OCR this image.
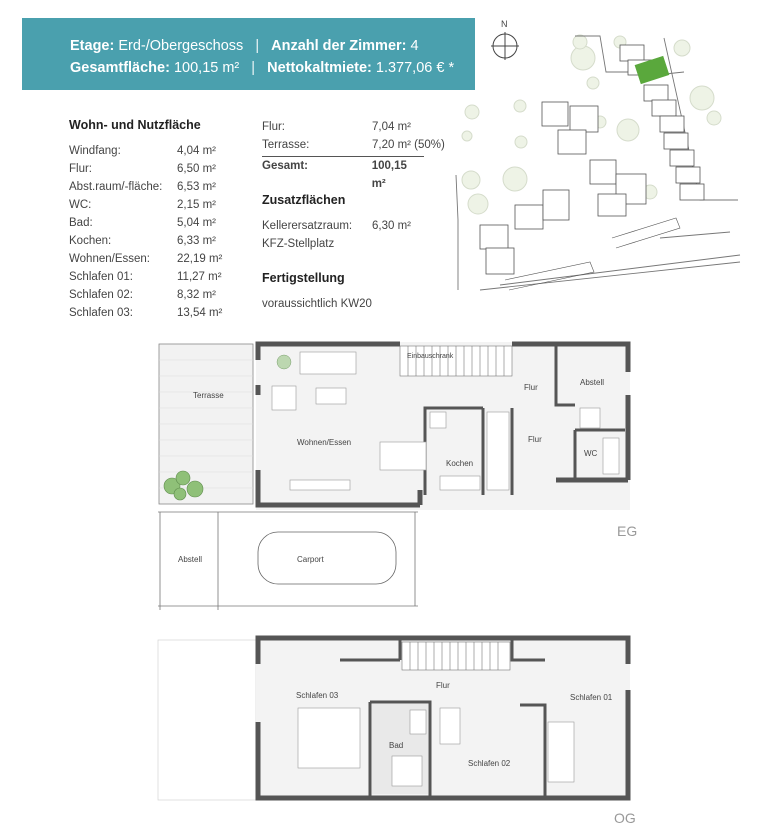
Etage: Erd-/Obergeschoss | Anzahl der Zimmer: 4
Gesamtfläche: 100,15 m² | Nettokaltmiete: 1.377,06 € *
Wohn- und Nutzfläche
Windfang:	4,04 m²
Flur:	6,50 m²
Abst.raum/-fläche:	6,53 m²
WC:	2,15 m²
Bad:	5,04 m²
Kochen:	6,33 m²
Wohnen/Essen:	22,19 m²
Schlafen 01:	11,27 m²
Schlafen 02:	8,32 m²
Schlafen 03:	13,54 m²
Flur:	7,04 m²
Terrasse:	7,20 m² (50%)
Gesamt:	100,15 m²
Zusatzflächen
Kellerersatzraum:	6,30 m²
KFZ-Stellplatz
Fertigstellung
voraussichtlich KW20
N
Terrasse
Wohnen/Essen
Einbauschrank
Flur
Abstell
Flur
Kochen
WC
Abstell	Carport
EG
Flur
Schlafen 03	Schlafen 01
Bad
Schlafen 02
OG
